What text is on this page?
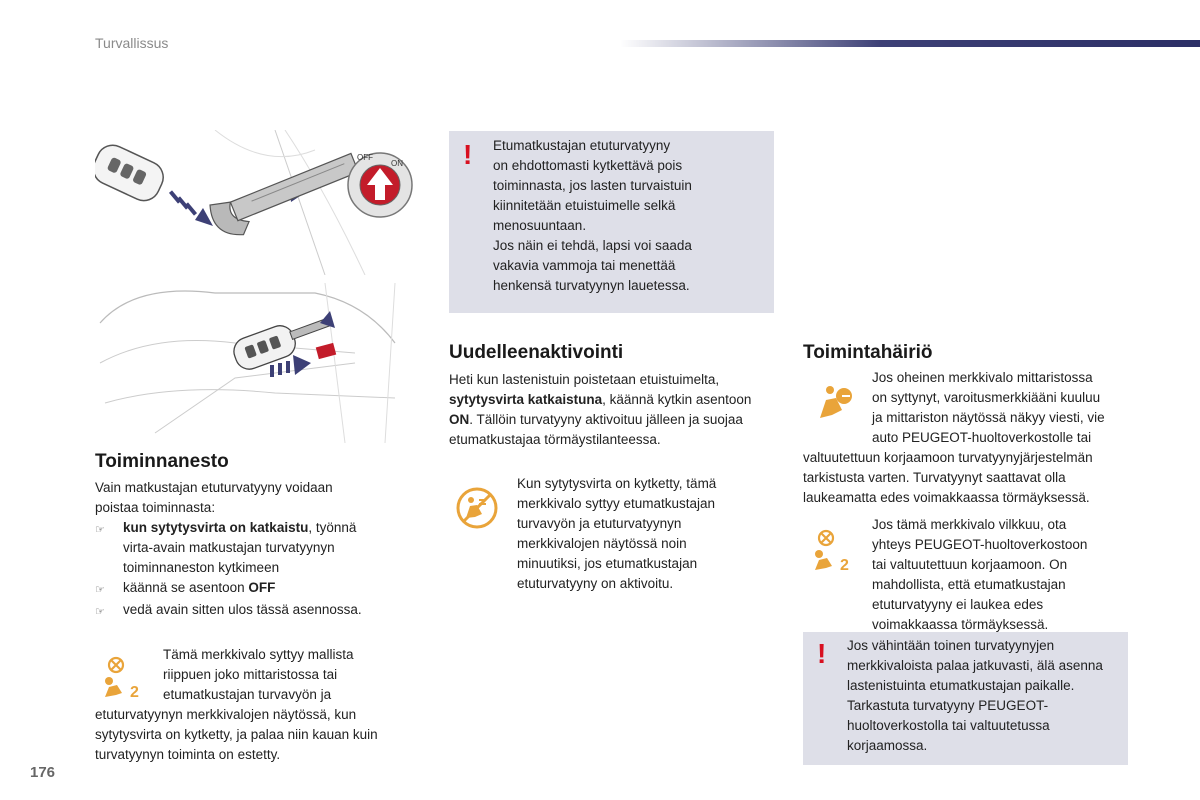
Turvallissus
OFF
ON
Toiminnanesto
Vain matkustajan etuturvatyyny voidaan
poistaa toiminnasta:
☞	kun sytytysvirta on katkaistu, työnnä
virta-avain matkustajan turvatyynyn
toiminnaneston kytkimeen
☞	käännä se asentoon OFF
☞	vedä avain sitten ulos tässä asennossa.
2
Tämä merkkivalo syttyy mallista
riippuen joko mittaristossa tai
etumatkustajan turvavyön ja
etuturvatyynyn merkkivalojen näytössä, kun
sytytysvirta on kytketty, ja palaa niin kauan kuin
turvatyynyn toiminta on estetty.
! Etumatkustajan etuturvatyyny
on ehdottomasti kytkettävä pois
toiminnasta, jos lasten turvaistuin
kiinnitetään etuistuimelle selkä
menosuuntaan.
Jos näin ei tehdä, lapsi voi saada
vakavia vammoja tai menettää
henkensä turvatyynyn lauetessa.
Uudelleenaktivointi
Heti kun lastenistuin poistetaan etuistuimelta,
sytytysvirta katkaistuna, käännä kytkin asentoon
ON. Tällöin turvatyyny aktivoituu jälleen ja suojaa
etumatkustajaa törmäystilanteessa.
Kun sytytysvirta on kytketty, tämä
merkkivalo syttyy etumatkustajan
turvavyön ja etuturvatyynyn
merkkivalojen näytössä noin
minuutiksi, jos etumatkustajan
etuturvatyyny on aktivoitu.
Toimintahäiriö
Jos oheinen merkkivalo mittaristossa
on syttynyt, varoitusmerkkiääni kuuluu
ja mittariston näytössä näkyy viesti, vie
auto PEUGEOT-huoltoverkostolle tai
valtuutettuun korjaamoon turvatyynyjärjestelmän
tarkistusta varten. Turvatyynyt saattavat olla
laukeamatta edes voimakkaassa törmäyksessä.
2
Jos tämä merkkivalo vilkkuu, ota
yhteys PEUGEOT-huoltoverkostoon
tai valtuutettuun korjaamoon. On
mahdollista, että etumatkustajan
etuturvatyyny ei laukea edes
voimakkaassa törmäyksessä.
! Jos vähintään toinen turvatyynyjen
merkkivaloista palaa jatkuvasti, älä asenna
lastenistuinta etumatkustajan paikalle.
Tarkastuta turvatyyny PEUGEOT-
huoltoverkostolla tai valtuutetussa
korjaamossa.
176
